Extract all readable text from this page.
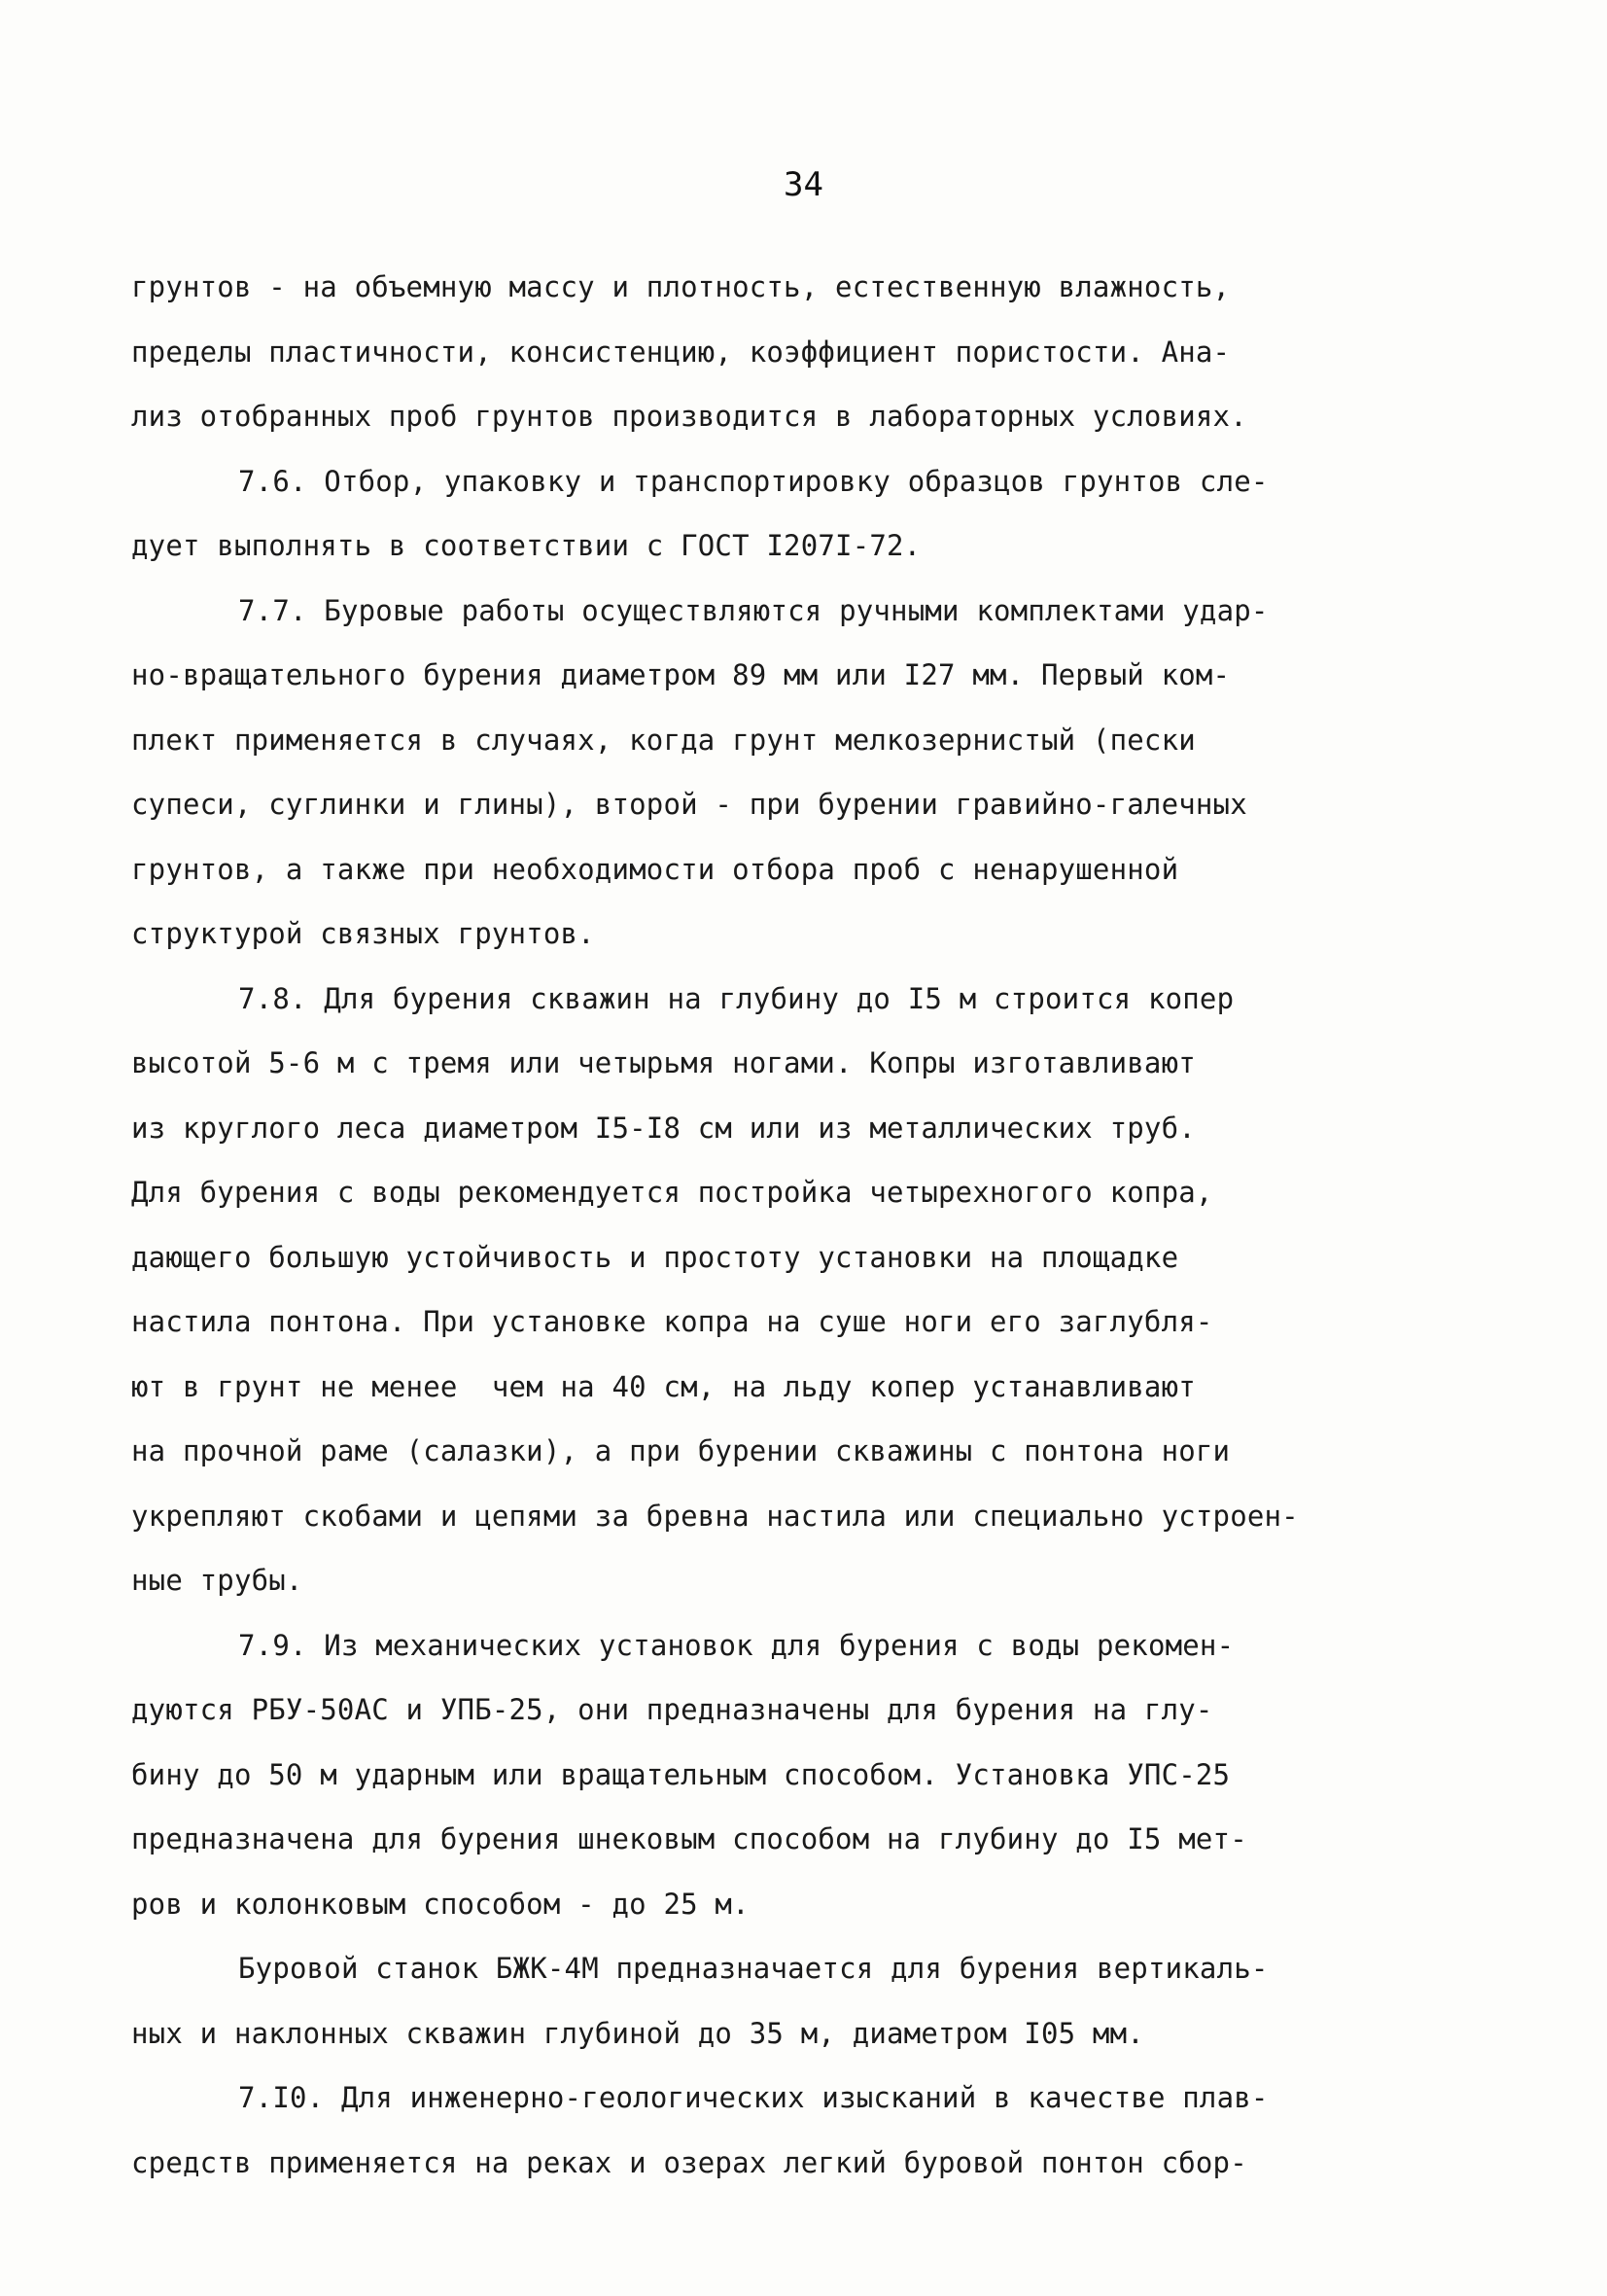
34
грунтов - на объемную массу и плотность, естественную влажность,
пределы пластичности, консистенцию, коэффициент пористости. Ана-
лиз отобранных проб грунтов производится в лабораторных условиях.
7.6. Отбор, упаковку и транспортировку образцов грунтов сле-
дует выполнять в соответствии с ГОСТ I207I-72.
7.7. Буровые работы осуществляются ручными комплектами удар-
но-вращательного бурения диаметром 89 мм или I27 мм. Первый ком-
плект применяется в случаях, когда грунт мелкозернистый (пески
супеси, суглинки и глины), второй - при бурении гравийно-галечных
грунтов, а также при необходимости отбора проб с ненарушенной
структурой связных грунтов.
7.8. Для бурения скважин на глубину до I5 м строится копер
высотой 5-6 м с тремя или четырьмя ногами. Копры изготавливают
из круглого леса диаметром I5-I8 см или из металлических труб.
Для бурения с воды рекомендуется постройка четырехногого копра,
дающего большую устойчивость и простоту установки на площадке
настила понтона. При установке копра на суше ноги его заглубля-
ют в грунт не менее  чем на 40 см, на льду копер устанавливают
на прочной раме (салазки), а при бурении скважины с понтона ноги
укрепляют скобами и цепями за бревна настила или специально устроен-
ные трубы.
7.9. Из механических установок для бурения с воды рекомен-
дуются РБУ-50АС и УПБ-25, они предназначены для бурения на глу-
бину до 50 м ударным или вращательным способом. Установка УПС-25
предназначена для бурения шнековым способом на глубину до I5 мет-
ров и колонковым способом - до 25 м.
Буровой станок БЖК-4М предназначается для бурения вертикаль-
ных и наклонных скважин глубиной до 35 м, диаметром I05 мм.
7.I0. Для инженерно-геологических изысканий в качестве плав-
средств применяется на реках и озерах легкий буровой понтон сбор-
